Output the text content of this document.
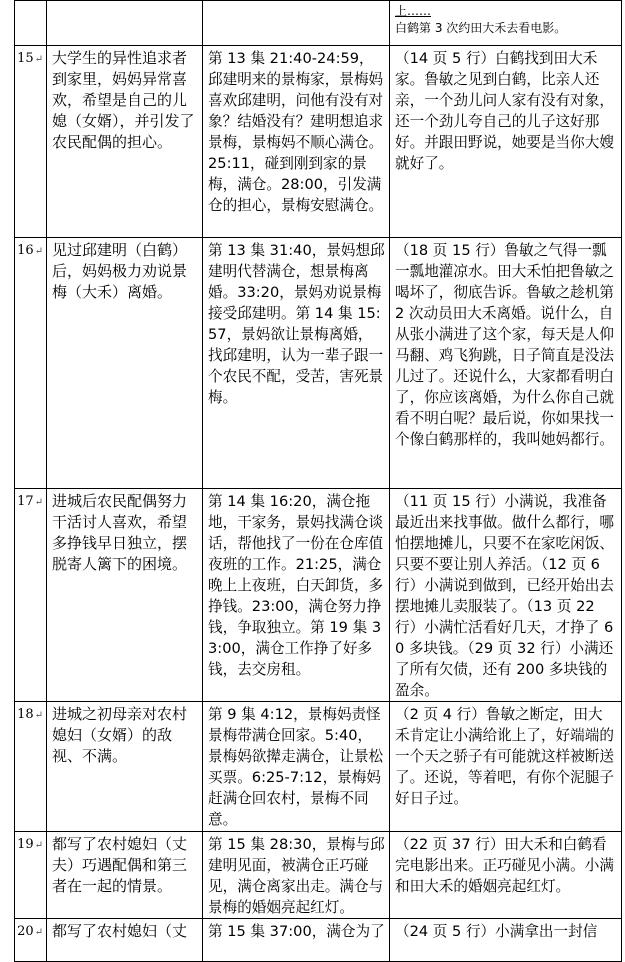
			上……
白鹤第 3 次约田大禾去看电影。

15↵	大学生的异性追求者到家里，妈妈异常喜欢，希望是自己的儿媳（女婿），并引发了农民配偶的担心。	第 13 集 21:40-24:59，邱建明来的景梅家，景梅妈喜欢邱建明，问他有没有对象？结婚没有？建明想追求景梅，景梅妈不顺心满仓。25:11，碰到刚到家的景梅，满仓。28:00，引发满仓的担心，景梅安慰满仓。	（14 页 5 行）白鹤找到田大禾家。鲁敏之见到白鹤，比亲人还亲，一个劲儿问人家有没有对象，还一个劲儿夸自己的儿子这好那好。并跟田野说，她要是当你大嫂就好了。
16↵	见过邱建明（白鹤）后，妈妈极力劝说景梅（大禾）离婚。	第 13 集 31:40，景妈想邱建明代替满仓，想景梅离婚。33:20，景妈劝说景梅接受邱建明。第 14 集 15:57，景妈欲让景梅离婚，找邱建明，认为一辈子跟一个农民不配，受苦，害死景梅。	（18 页 15 行）鲁敏之气得一瓢一瓢地灌凉水。田大禾怕把鲁敏之喝坏了，彻底告诉。鲁敏之趁机第 2 次动员田大禾离婚。说什么，自从张小满进了这个家，每天是人仰马翻、鸡飞狗跳，日子简直是没法儿过了。还说什么，大家都看明白了，你应该离婚，为什么你自己就看不明白呢？最后说，你如果找一个像白鹤那样的，我叫她妈都行。
17↵	进城后农民配偶努力干活讨人喜欢，希望多挣钱早日独立，摆脱寄人篱下的困境。	第 14 集 16:20，满仓拖地，干家务，景妈找满仓谈话，帮他找了一份在仓库值夜班的工作。21:25，满仓晚上上夜班，白天卸货，多挣钱。23:00，满仓努力挣钱，争取独立。第 19 集 33:00，满仓工作挣了好多钱，去交房租。	（11 页 15 行）小满说，我准备最近出来找事做。做什么都行，哪怕摆地摊儿，只要不在家吃闲饭、只要不要让别人养活。（12 页 6 行）小满说到做到，已经开始出去摆地摊儿卖服装了。（13 页 22 行）小满忙活看好几天，才挣了 60 多块钱。（29 页 32 行）小满还了所有欠债，还有 200 多块钱的盈余。
18↵	进城之初母亲对农村媳妇（女婿）的敌视、不满。	第 9 集 4:12，景梅妈责怪景梅带满仓回家。5:40，景梅妈欲撵走满仓，让景松买票。6:25-7:12，景梅妈赶满仓回农村，景梅不同意。	（2 页 4 行）鲁敏之断定，田大禾肯定让小满给讹上了，好端端的一个天之骄子有可能就这样被断送了。还说，等着吧，有你个泥腿子好日子过。
19↵	都写了农村媳妇（丈夫）巧遇配偶和第三者在一起的情景。	第 15 集 28:30，景梅与邱建明见面，被满仓正巧碰见，满仓离家出走。满仓与景梅的婚姻亮起红灯。	（22 页 37 行）田大禾和白鹤看完电影出来。正巧碰见小满。小满和田大禾的婚姻亮起红灯。
20↵	都写了农村媳妇（丈	第 15 集 37:00，满仓为了	（24 页 5 行）小满拿出一封信
